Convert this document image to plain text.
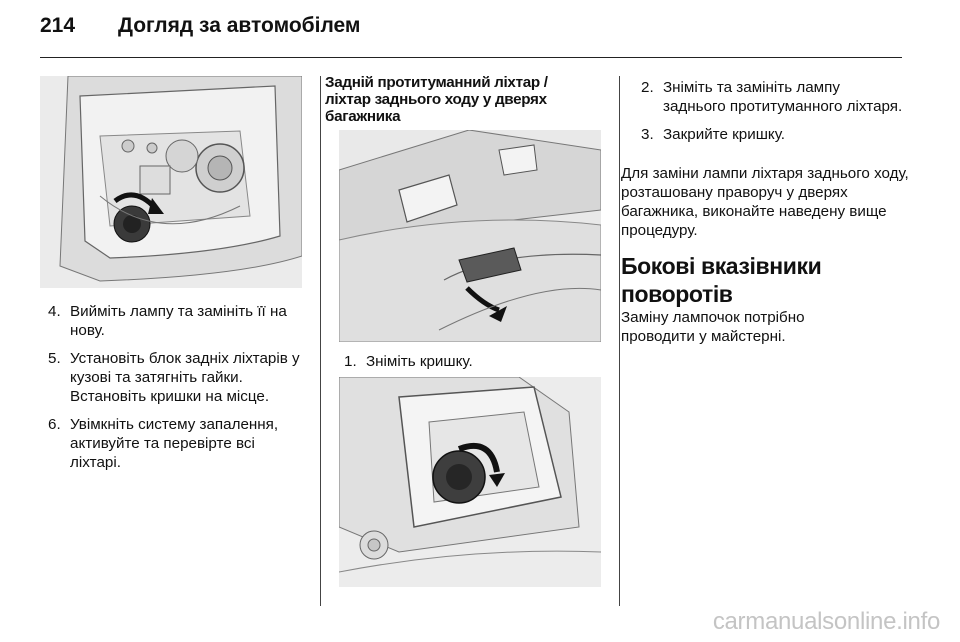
214	Догляд за автомобілем
4. Вийміть лампу та замініть її на нову.
5. Установіть блок задніх ліхтарів у кузові та затягніть гайки. Встановіть кришки на місце.
6. Увімкніть систему запалення, активуйте та перевірте всі ліхтарі.
Задній протитуманний ліхтар / ліхтар заднього ходу у дверях багажника
1. Зніміть кришку.
2. Зніміть та замініть лампу заднього протитуманного ліхтаря.
3. Закрийте кришку.

Для заміни лампи ліхтаря заднього ходу, розташовану праворуч у дверях багажника, виконайте наведену вище процедуру.

Бокові вказівники поворотів

Заміну лампочок потрібно проводити у майстерні.

carmanualsonline.info
